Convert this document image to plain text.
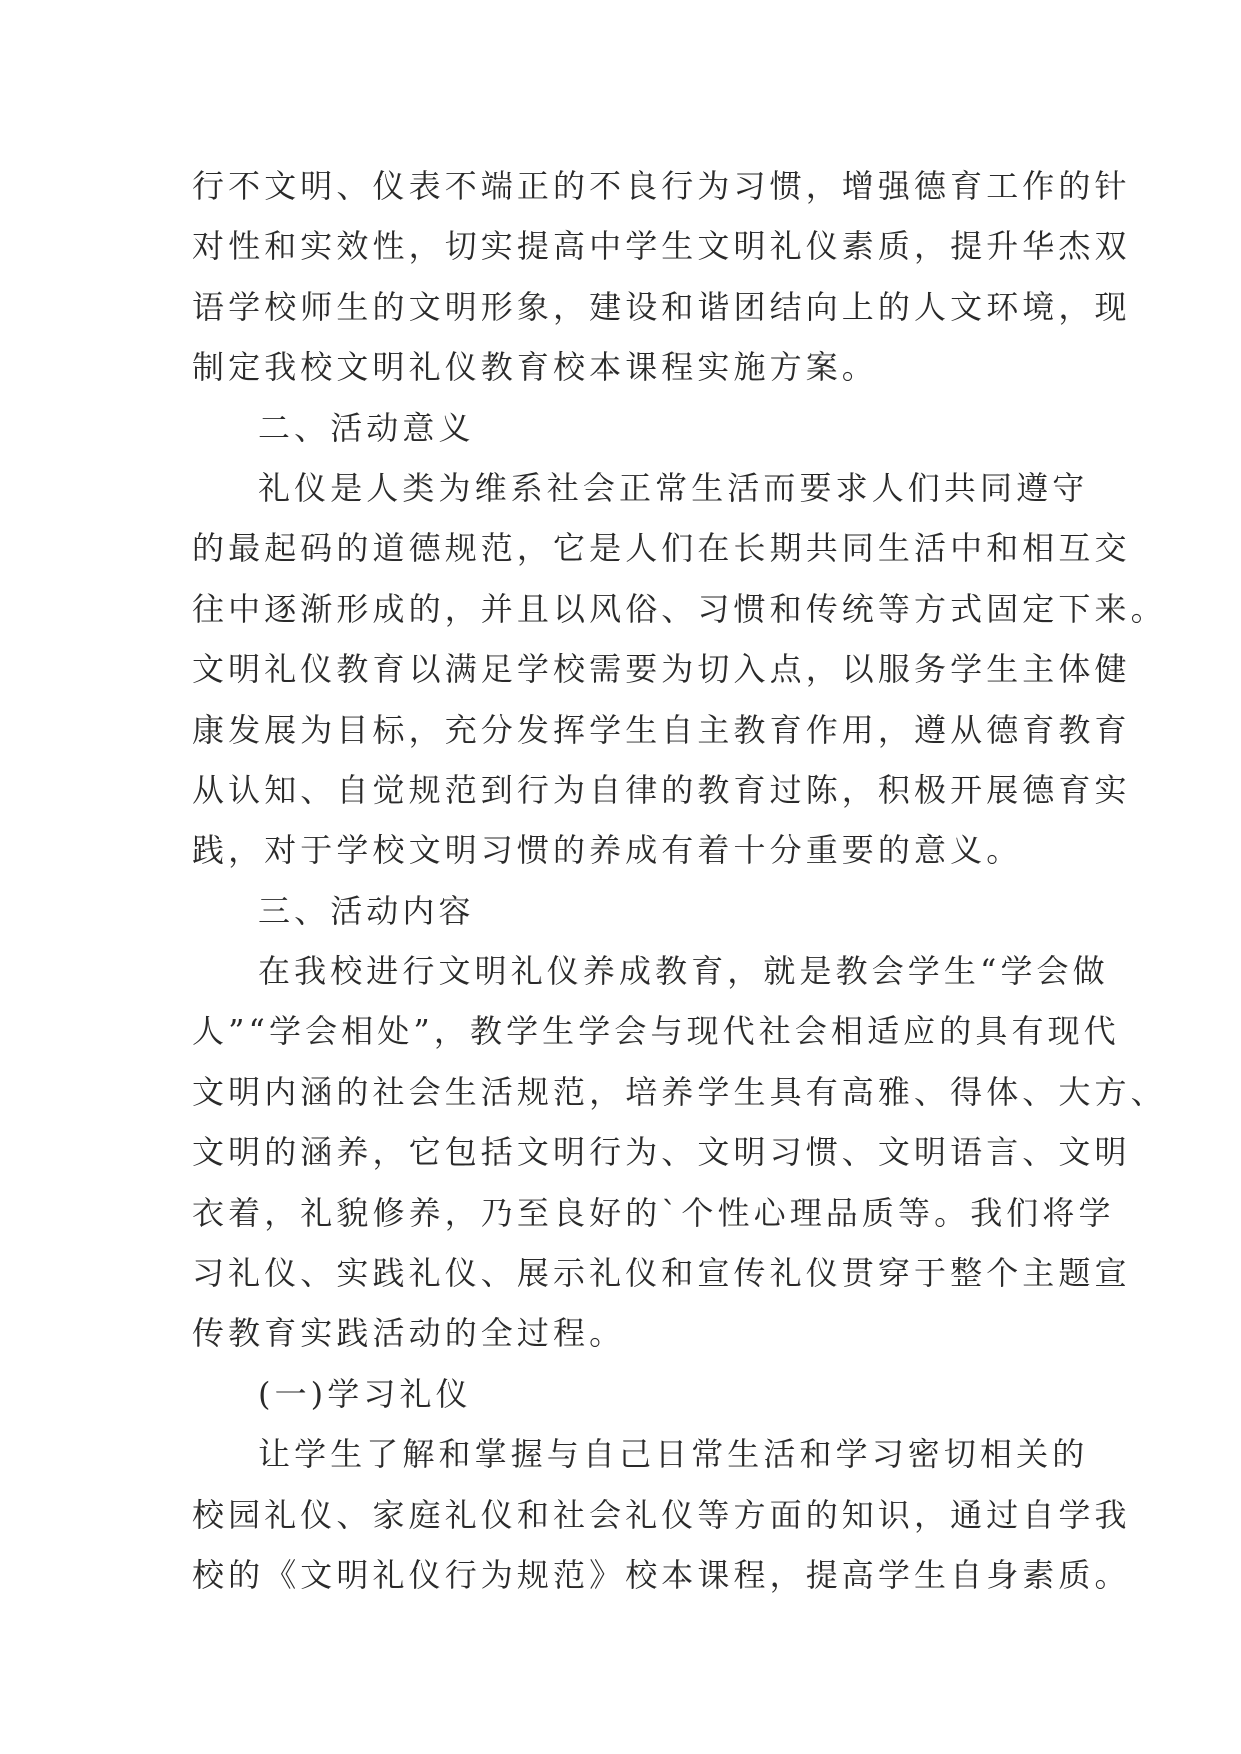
行不文明、仪表不端正的不良行为习惯，增强德育工作的针
对性和实效性，切实提高中学生文明礼仪素质，提升华杰双
语学校师生的文明形象，建设和谐团结向上的人文环境，现
制定我校文明礼仪教育校本课程实施方案。
二、活动意义
礼仪是人类为维系社会正常生活而要求人们共同遵守
的最起码的道德规范，它是人们在长期共同生活中和相互交
往中逐渐形成的，并且以风俗、习惯和传统等方式固定下来。
文明礼仪教育以满足学校需要为切入点，以服务学生主体健
康发展为目标，充分发挥学生自主教育作用，遵从德育教育
从认知、自觉规范到行为自律的教育过陈，积极开展德育实
践，对于学校文明习惯的养成有着十分重要的意义。
三、活动内容
在我校进行文明礼仪养成教育，就是教会学生“学会做
人”“学会相处”，教学生学会与现代社会相适应的具有现代
文明内涵的社会生活规范，培养学生具有高雅、得体、大方、
文明的涵养，它包括文明行为、文明习惯、文明语言、文明
衣着，礼貌修养，乃至良好的`个性心理品质等。我们将学
习礼仪、实践礼仪、展示礼仪和宣传礼仪贯穿于整个主题宣
传教育实践活动的全过程。
(一)学习礼仪
让学生了解和掌握与自己日常生活和学习密切相关的
校园礼仪、家庭礼仪和社会礼仪等方面的知识，通过自学我
校的《文明礼仪行为规范》校本课程，提高学生自身素质。
